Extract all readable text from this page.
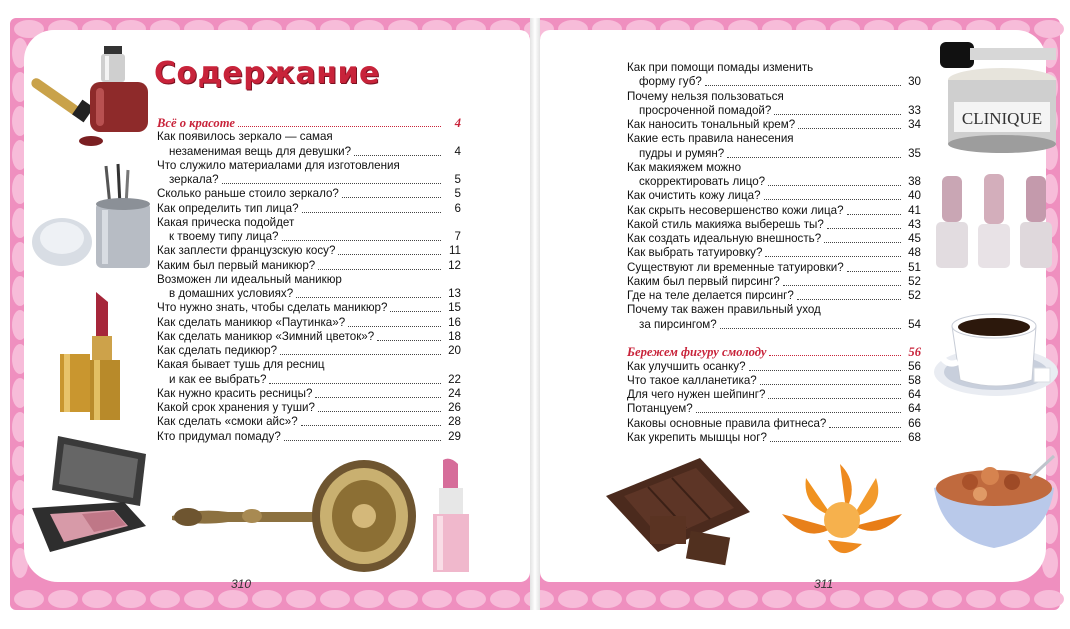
Содержание
Всё о красоте	4
Как появилось зеркало — самая
незаменимая вещь для девушки?	4
Что служило материалами для изготовления
зеркала?	5
Сколько раньше стоило зеркало?	5
Как определить тип лица?	6
Какая прическа подойдет
к твоему типу лица?	7
Как заплести французскую косу?	11
Каким был первый маникюр?	12
Возможен ли идеальный маникюр
в домашних условиях?	13
Что нужно знать, чтобы сделать маникюр?	15
Как сделать маникюр «Паутинка»?	16
Как сделать маникюр «Зимний цветок»?	18
Как сделать педикюр?	20
Какая бывает тушь для ресниц
и как ее выбрать?	22
Как нужно красить ресницы?	24
Какой срок хранения у туши?	26
Как сделать «смоки айс»?	28
Кто придумал помаду?	29
Как при помощи помады изменить
форму губ?	30
Почему нельзя пользоваться
просроченной помадой?	33
Как наносить тональный крем?	34
Какие есть правила нанесения
пудры и румян?	35
Как макияжем можно
скорректировать лицо?	38
Как очистить кожу лица?	40
Как скрыть несовершенство кожи лица?	41
Какой стиль макияжа выберешь ты?	43
Как создать идеальную внешность?	45
Как выбрать татуировку?	48
Существуют ли временные татуировки?	51
Каким был первый пирсинг?	52
Где на теле делается пирсинг?	52
Почему так важен правильный уход
за пирсингом?	54
Бережем фигуру смолоду	56
Как улучшить осанку?	56
Что такое калланетика?	58
Для чего нужен шейпинг?	64
Потанцуем?	64
Каковы основные правила фитнеса?	66
Как укрепить мышцы ног?	68
310	311
CLINIQUE
